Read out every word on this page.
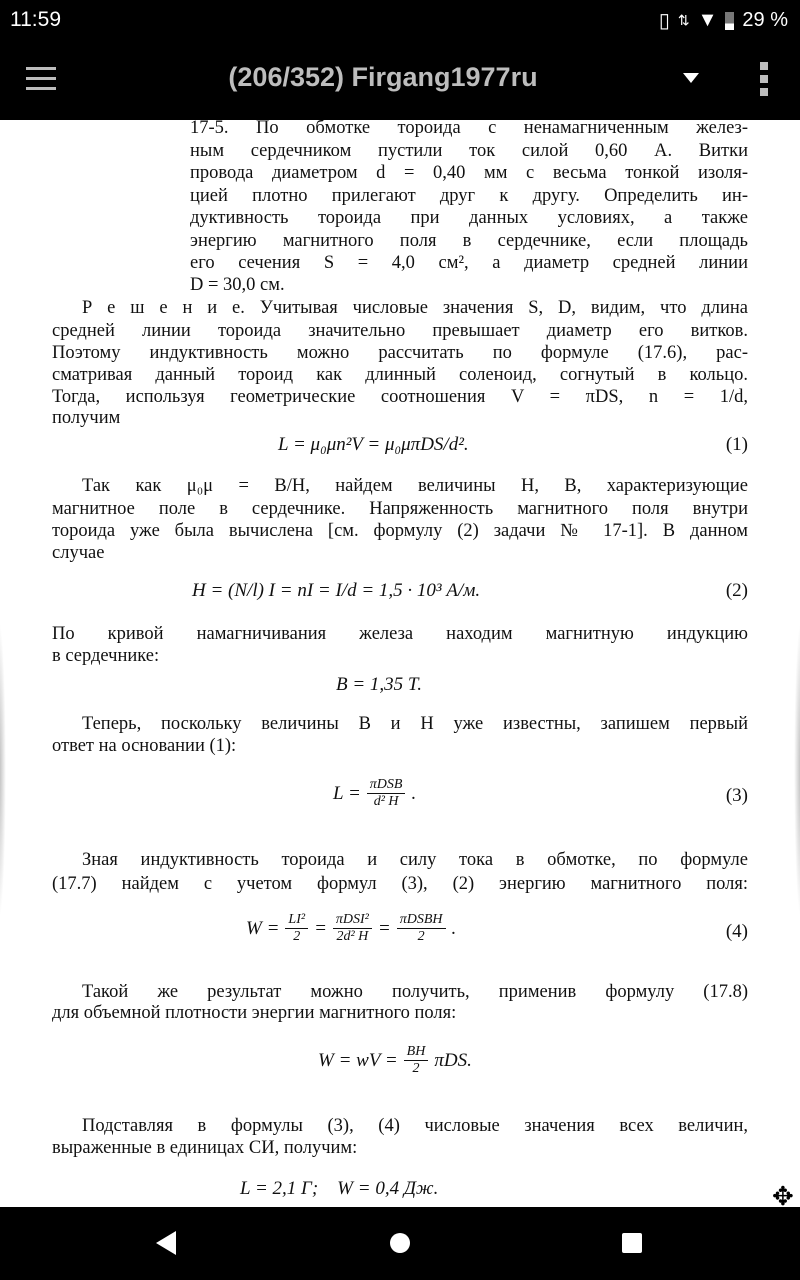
11:59	▯ ⇅ ▼ 29 %
(206/352) Firgang1977ru
17-5. По обмотке тороида с ненамагниченным желез-
ным сердечником пустили ток силой 0,60 А. Витки
провода диаметром d = 0,40 мм с весьма тонкой изоля-
цией плотно прилегают друг к другу. Определить ин-
дуктивность тороида при данных условиях, а также
энергию магнитного поля в сердечнике, если площадь
его сечения S = 4,0 см², а диаметр средней линии
D = 30,0 см.
Р е ш е н и е. Учитывая числовые значения S, D, видим, что длина
средней линии тороида значительно превышает диаметр его витков.
Поэтому индуктивность можно рассчитать по формуле (17.6), рас-
сматривая данный тороид как длинный соленоид, согнутый в кольцо.
Тогда, используя геометрические соотношения V = πDS, n = 1/d,
получим
L = μ₀μn²V = μ₀μπDS/d².	(1)
Так как μ₀μ = B/H, найдем величины H, B, характеризующие
магнитное поле в сердечнике. Напряженность магнитного поля внутри
тороида уже была вычислена [см. формулу (2) задачи № 17-1]. В данном
случае
H = (N/l) I = nI = I/d = 1,5 · 10³ А/м.	(2)
По кривой намагничивания железа находим магнитную индукцию
в сердечнике:
B = 1,35 Т.
Теперь, поскольку величины B и H уже известны, запишем первый
ответ на основании (1):
$L = \frac{\text{πDSB}}{\text{d² H}}$ .	(3)
Зная индуктивность тороида и силу тока в обмотке, по формуле
(17.7) найдем с учетом формул (3), (2) энергию магнитного поля:
$W = \frac{\text{LI²}}{2} = \frac{\text{πDSI²}}{\text{2d² H}} = \frac{\text{πDSBH}}{2}$ .	(4)
Такой же результат можно получить, применив формулу (17.8)
для объемной плотности энергии магнитного поля:
W = wV = $\frac{BH}{2} \pi DS$.
Подставляя в формулы (3), (4) числовые значения всех величин,
выраженные в единицах СИ, получим:
L = 2,1 Г;    W = 0,4 Дж.	✥
